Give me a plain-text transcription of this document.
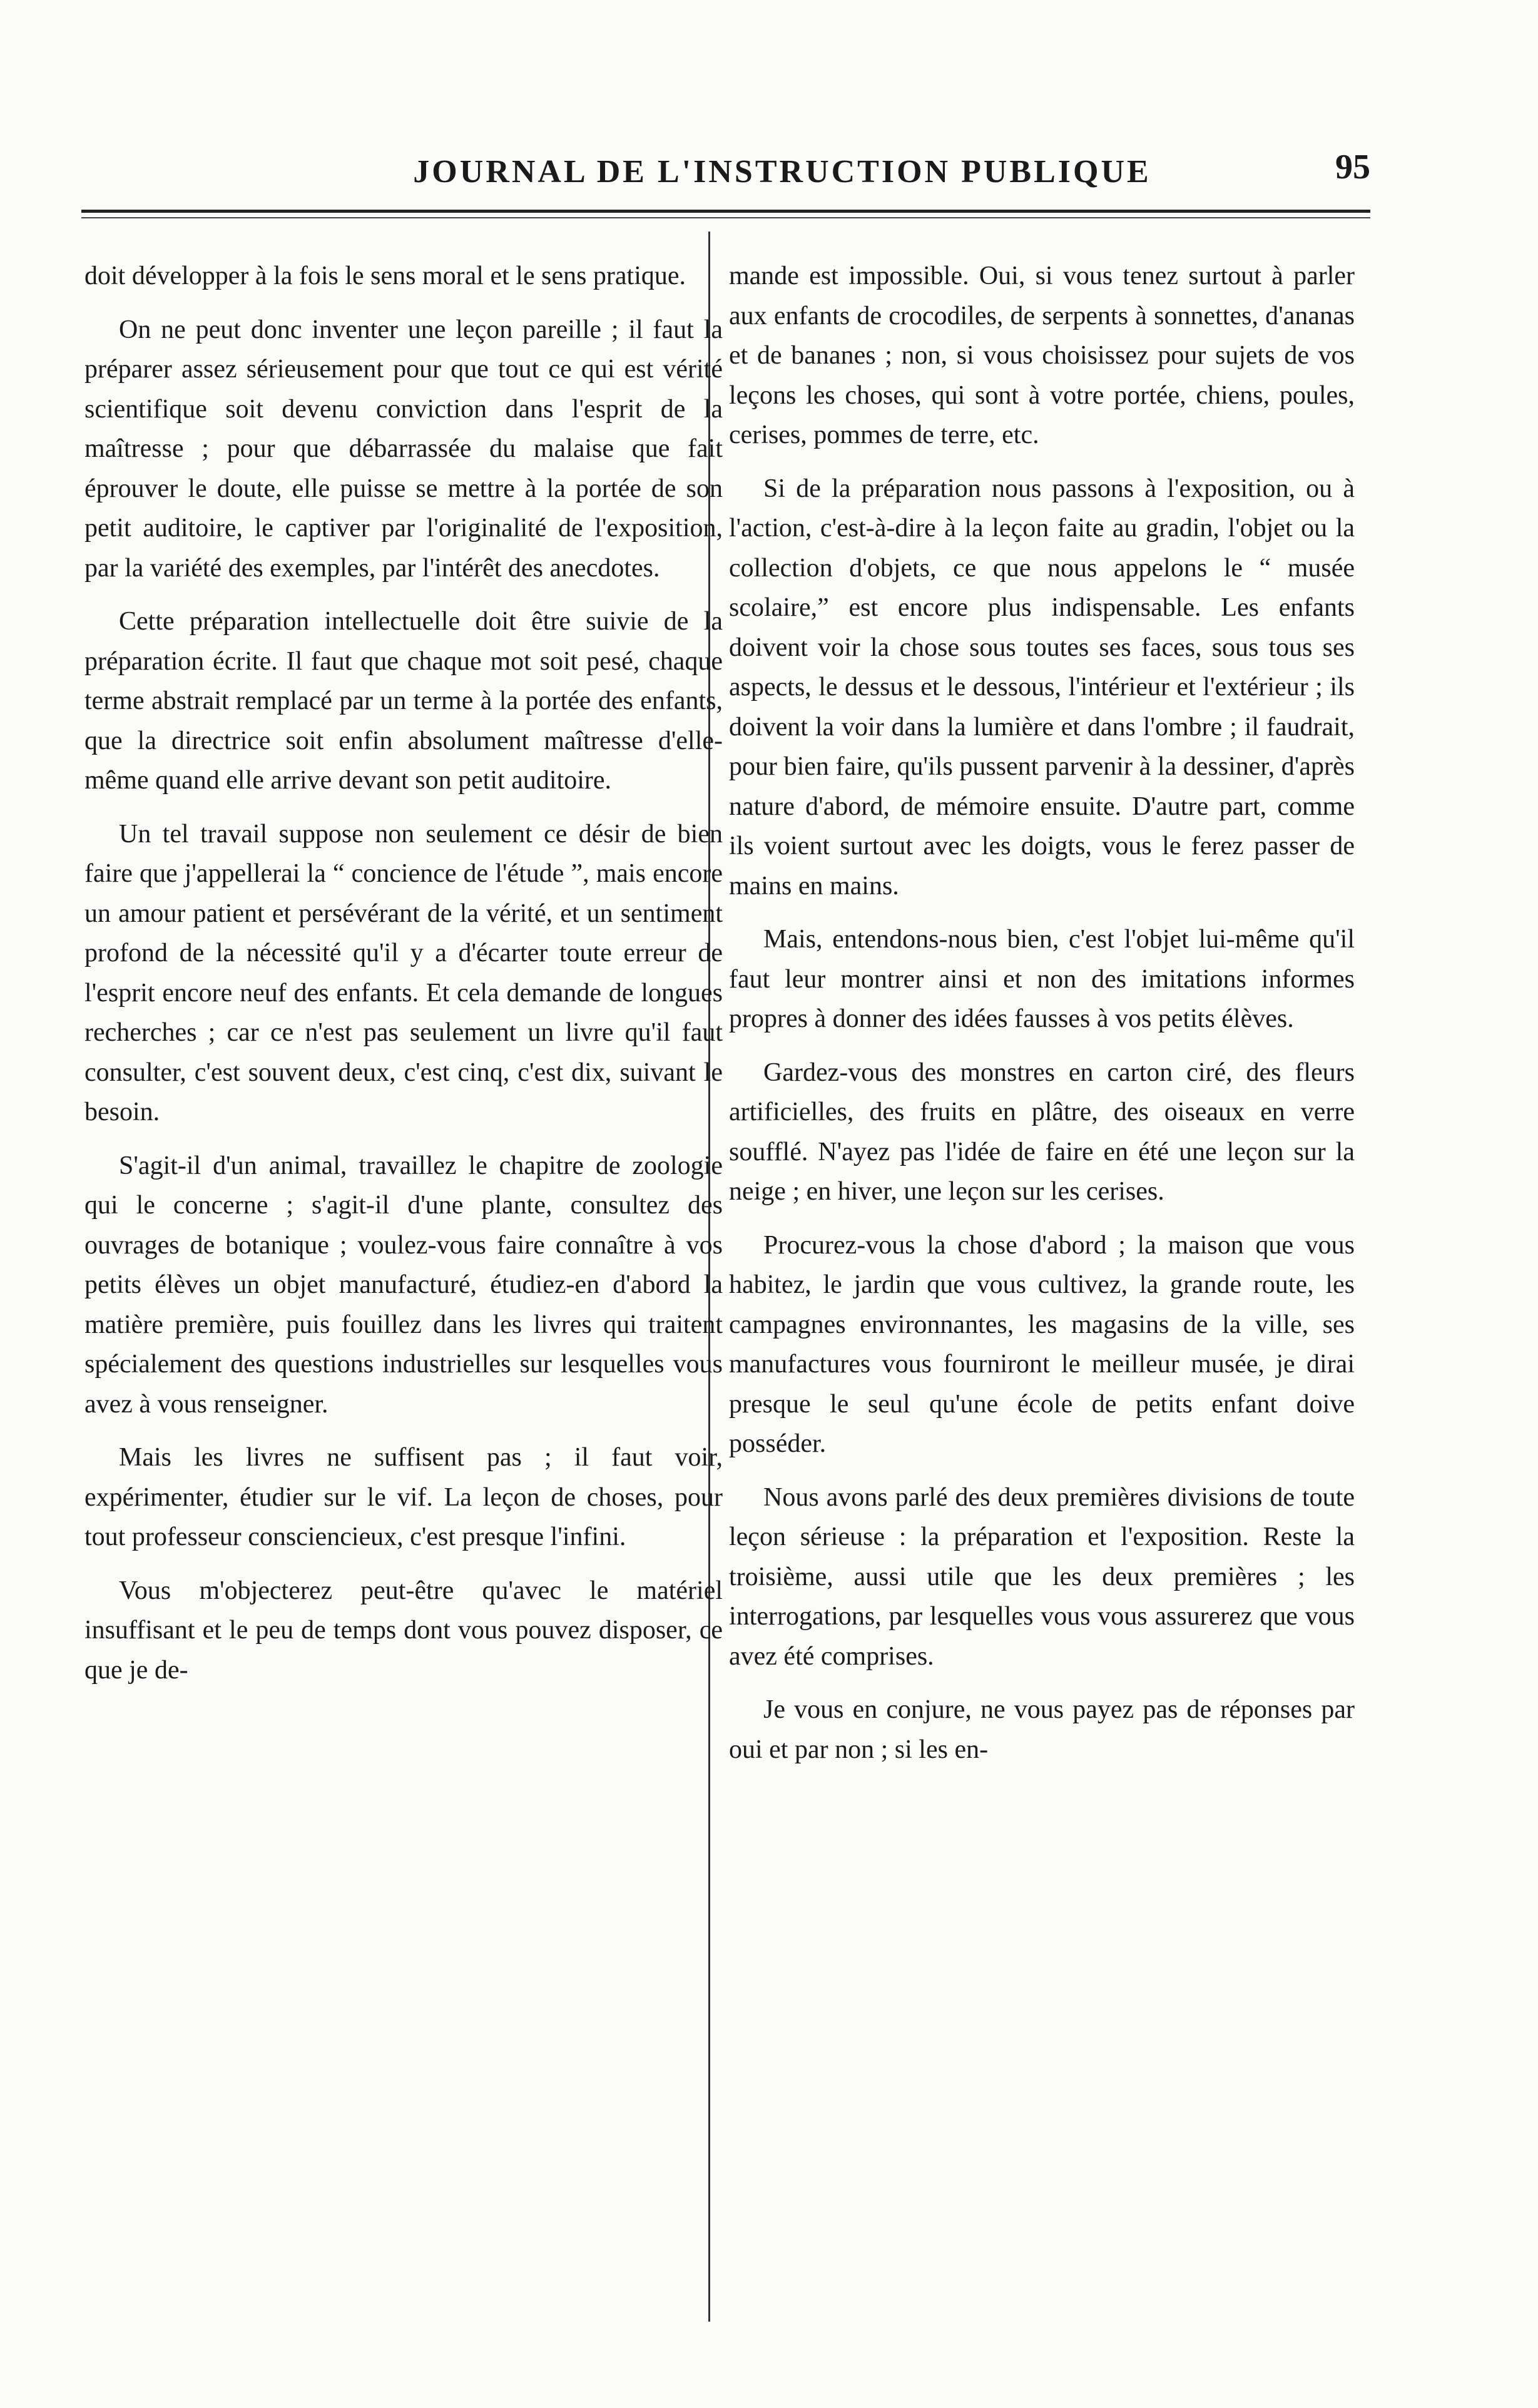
JOURNAL DE L'INSTRUCTION PUBLIQUE	95

doit développer à la fois le sens moral et le sens pratique.

On ne peut donc inventer une leçon pareille ; il faut la préparer assez sérieusement pour que tout ce qui est vérité scientifique soit devenu conviction dans l'esprit de la maîtresse ; pour que débarrassée du malaise que fait éprouver le doute, elle puisse se mettre à la portée de son petit auditoire, le captiver par l'originalité de l'exposition, par la variété des exemples, par l'intérêt des anecdotes.

Cette préparation intellectuelle doit être suivie de la préparation écrite. Il faut que chaque mot soit pesé, chaque terme abstrait remplacé par un terme à la portée des enfants, que la directrice soit enfin absolument maîtresse d'elle-même quand elle arrive devant son petit auditoire.

Un tel travail suppose non seulement ce désir de bien faire que j'appellerai la “ concience de l'étude ”, mais encore un amour patient et persévérant de la vérité, et un sentiment profond de la nécessité qu'il y a d'écarter toute erreur de l'esprit encore neuf des enfants. Et cela demande de longues recherches ; car ce n'est pas seulement un livre qu'il faut consulter, c'est souvent deux, c'est cinq, c'est dix, suivant le besoin.

S'agit-il d'un animal, travaillez le chapitre de zoologie qui le concerne ; s'agit-il d'une plante, consultez des ouvrages de botanique ; voulez-vous faire connaître à vos petits élèves un objet manufacturé, étudiez-en d'abord la matière première, puis fouillez dans les livres qui traitent spécialement des questions industrielles sur lesquelles vous avez à vous renseigner.

Mais les livres ne suffisent pas ; il faut voir, expérimenter, étudier sur le vif. La leçon de choses, pour tout professeur consciencieux, c'est presque l'infini.

Vous m'objecterez peut-être qu'avec le matériel insuffisant et le peu de temps dont vous pouvez disposer, ce que je de-

mande est impossible. Oui, si vous tenez surtout à parler aux enfants de crocodiles, de serpents à sonnettes, d'ananas et de bananes ; non, si vous choisissez pour sujets de vos leçons les choses, qui sont à votre portée, chiens, poules, cerises, pommes de terre, etc.

Si de la préparation nous passons à l'exposition, ou à l'action, c'est-à-dire à la leçon faite au gradin, l'objet ou la collection d'objets, ce que nous appelons le “ musée scolaire,” est encore plus indispensable. Les enfants doivent voir la chose sous toutes ses faces, sous tous ses aspects, le dessus et le dessous, l'intérieur et l'extérieur ; ils doivent la voir dans la lumière et dans l'ombre ; il faudrait, pour bien faire, qu'ils pussent parvenir à la dessiner, d'après nature d'abord, de mémoire ensuite. D'autre part, comme ils voient surtout avec les doigts, vous le ferez passer de mains en mains.

Mais, entendons-nous bien, c'est l'objet lui-même qu'il faut leur montrer ainsi et non des imitations informes propres à donner des idées fausses à vos petits élèves.

Gardez-vous des monstres en carton ciré, des fleurs artificielles, des fruits en plâtre, des oiseaux en verre soufflé. N'ayez pas l'idée de faire en été une leçon sur la neige ; en hiver, une leçon sur les cerises.

Procurez-vous la chose d'abord ; la maison que vous habitez, le jardin que vous cultivez, la grande route, les campagnes environnantes, les magasins de la ville, ses manufactures vous fourniront le meilleur musée, je dirai presque le seul qu'une école de petits enfant doive posséder.

Nous avons parlé des deux premières divisions de toute leçon sérieuse : la préparation et l'exposition. Reste la troisième, aussi utile que les deux premières ; les interrogations, par lesquelles vous vous assurerez que vous avez été comprises.

Je vous en conjure, ne vous payez pas de réponses par oui et par non ; si les en-
